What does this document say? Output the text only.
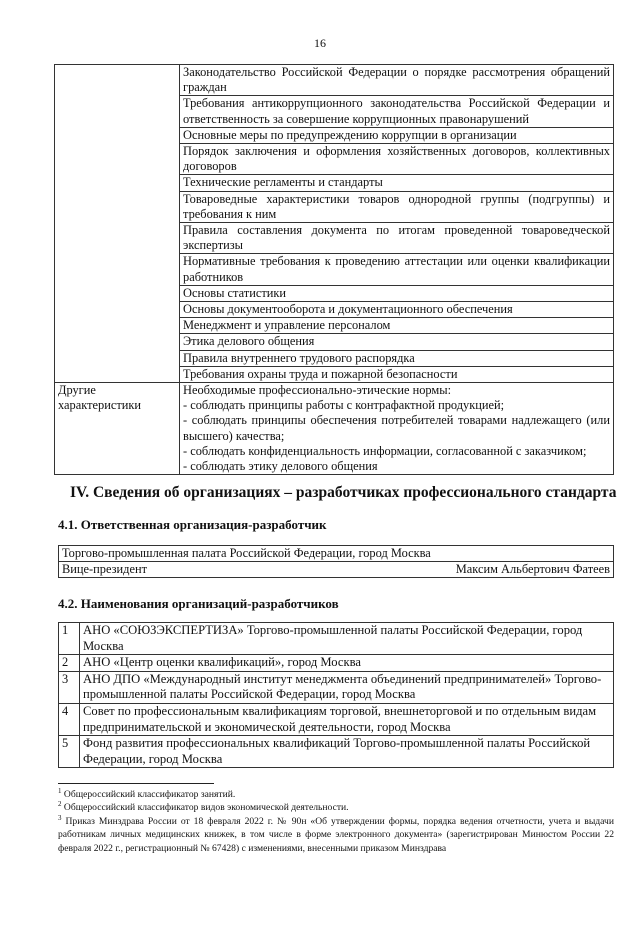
16
	Законодательство Российской Федерации о порядке рассмотрения обращений граждан
	Требования антикоррупционного законодательства Российской Федерации и ответственность за совершение коррупционных правонарушений
	Основные меры по предупреждению коррупции в организации
	Порядок заключения и оформления хозяйственных договоров, коллективных договоров
	Технические регламенты и стандарты
	Товароведные характеристики товаров однородной группы (подгруппы) и требования к ним
	Правила составления документа по итогам проведенной товароведческой экспертизы
	Нормативные требования к проведению аттестации или оценки квалификации работников
	Основы статистики
	Основы документооборота и документационного обеспечения
	Менеджмент и управление персоналом
	Этика делового общения
	Правила внутреннего трудового распорядка
	Требования охраны труда и пожарной безопасности

Другие
характеристики	Необходимые профессионально-этические нормы:
- соблюдать принципы работы с контрафактной продукцией;
- соблюдать принципы обеспечения потребителей товарами надлежащего (или высшего) качества;
- соблюдать конфиденциальность информации, согласованной с заказчиком;
- соблюдать этику делового общения
IV. Сведения об организациях – разработчиках профессионального стандарта
4.1. Ответственная организация-разработчик
Торгово-промышленная палата Российской Федерации, город Москва

Вице-президент	Максим Альбертович Фатеев
4.2. Наименования организаций-разработчиков
1	АНО «СОЮЗЭКСПЕРТИЗА» Торгово-промышленной палаты Российской Федерации, город Москва
2	АНО «Центр оценки квалификаций», город Москва
3	АНО ДПО «Международный институт менеджмента объединений предпринимателей» Торгово-промышленной палаты Российской Федерации, город Москва
4	Совет по профессиональным квалификациям торговой, внешнеторговой и по отдельным видам предпринимательской и экономической деятельности, город Москва
5	Фонд развития профессиональных квалификаций Торгово-промышленной палаты Российской Федерации, город Москва

$^1$ Общероссийский классификатор занятий.

$^2$ Общероссийский классификатор видов экономической деятельности.

$^3$ Приказ Минздрава России от 18 февраля 2022 г. № 90н «Об утверждении формы, порядка ведения отчетности, учета и выдачи работникам личных медицинских книжек, в том числе в форме электронного документа» (зарегистрирован Минюстом России 22 февраля 2022 г., регистрационный № 67428) с изменениями, внесенными приказом Минздрава
